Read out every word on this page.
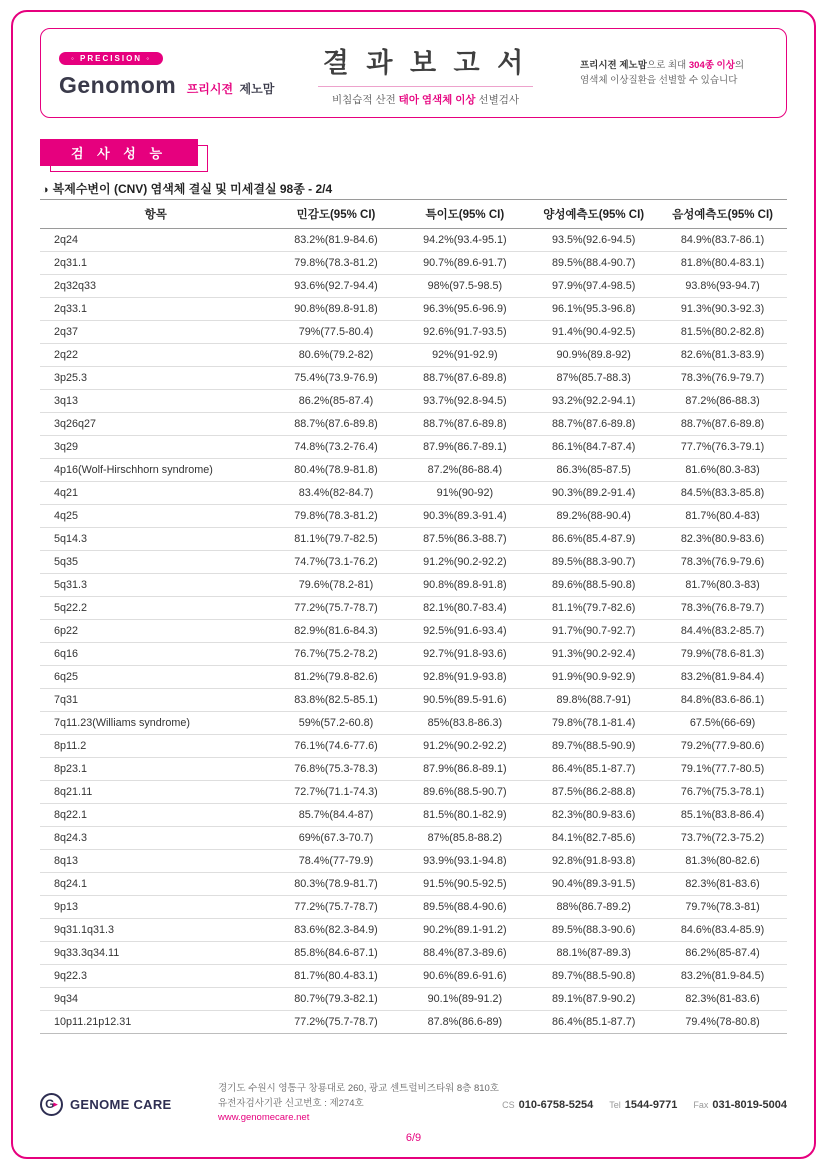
◦ PRECISION ◦
Genomom 프리시젼 제노맘
결 과 보 고 서
비침습적 산전 태아 염색체 이상 선별검사
프리시젼 제노맘으로 최대 304종 이상의
염색체 이상질환을 선별할 수 있습니다
검 사 성 능
◑ 복제수변이 (CNV) 염색체 결실 및 미세결실 98종 - 2/4
항목	민감도(95% CI)	특이도(95% CI)	양성예측도(95% CI)	음성예측도(95% CI)
2q24	83.2%(81.9-84.6)	94.2%(93.4-95.1)	93.5%(92.6-94.5)	84.9%(83.7-86.1)
2q31.1	79.8%(78.3-81.2)	90.7%(89.6-91.7)	89.5%(88.4-90.7)	81.8%(80.4-83.1)
2q32q33	93.6%(92.7-94.4)	98%(97.5-98.5)	97.9%(97.4-98.5)	93.8%(93-94.7)
2q33.1	90.8%(89.8-91.8)	96.3%(95.6-96.9)	96.1%(95.3-96.8)	91.3%(90.3-92.3)
2q37	79%(77.5-80.4)	92.6%(91.7-93.5)	91.4%(90.4-92.5)	81.5%(80.2-82.8)
2q22	80.6%(79.2-82)	92%(91-92.9)	90.9%(89.8-92)	82.6%(81.3-83.9)
3p25.3	75.4%(73.9-76.9)	88.7%(87.6-89.8)	87%(85.7-88.3)	78.3%(76.9-79.7)
3q13	86.2%(85-87.4)	93.7%(92.8-94.5)	93.2%(92.2-94.1)	87.2%(86-88.3)
3q26q27	88.7%(87.6-89.8)	88.7%(87.6-89.8)	88.7%(87.6-89.8)	88.7%(87.6-89.8)
3q29	74.8%(73.2-76.4)	87.9%(86.7-89.1)	86.1%(84.7-87.4)	77.7%(76.3-79.1)
4p16(Wolf-Hirschhorn syndrome)	80.4%(78.9-81.8)	87.2%(86-88.4)	86.3%(85-87.5)	81.6%(80.3-83)
4q21	83.4%(82-84.7)	91%(90-92)	90.3%(89.2-91.4)	84.5%(83.3-85.8)
4q25	79.8%(78.3-81.2)	90.3%(89.3-91.4)	89.2%(88-90.4)	81.7%(80.4-83)
5q14.3	81.1%(79.7-82.5)	87.5%(86.3-88.7)	86.6%(85.4-87.9)	82.3%(80.9-83.6)
5q35	74.7%(73.1-76.2)	91.2%(90.2-92.2)	89.5%(88.3-90.7)	78.3%(76.9-79.6)
5q31.3	79.6%(78.2-81)	90.8%(89.8-91.8)	89.6%(88.5-90.8)	81.7%(80.3-83)
5q22.2	77.2%(75.7-78.7)	82.1%(80.7-83.4)	81.1%(79.7-82.6)	78.3%(76.8-79.7)
6p22	82.9%(81.6-84.3)	92.5%(91.6-93.4)	91.7%(90.7-92.7)	84.4%(83.2-85.7)
6q16	76.7%(75.2-78.2)	92.7%(91.8-93.6)	91.3%(90.2-92.4)	79.9%(78.6-81.3)
6q25	81.2%(79.8-82.6)	92.8%(91.9-93.8)	91.9%(90.9-92.9)	83.2%(81.9-84.4)
7q31	83.8%(82.5-85.1)	90.5%(89.5-91.6)	89.8%(88.7-91)	84.8%(83.6-86.1)
7q11.23(Williams syndrome)	59%(57.2-60.8)	85%(83.8-86.3)	79.8%(78.1-81.4)	67.5%(66-69)
8p11.2	76.1%(74.6-77.6)	91.2%(90.2-92.2)	89.7%(88.5-90.9)	79.2%(77.9-80.6)
8p23.1	76.8%(75.3-78.3)	87.9%(86.8-89.1)	86.4%(85.1-87.7)	79.1%(77.7-80.5)
8q21.11	72.7%(71.1-74.3)	89.6%(88.5-90.7)	87.5%(86.2-88.8)	76.7%(75.3-78.1)
8q22.1	85.7%(84.4-87)	81.5%(80.1-82.9)	82.3%(80.9-83.6)	85.1%(83.8-86.4)
8q24.3	69%(67.3-70.7)	87%(85.8-88.2)	84.1%(82.7-85.6)	73.7%(72.3-75.2)
8q13	78.4%(77-79.9)	93.9%(93.1-94.8)	92.8%(91.8-93.8)	81.3%(80-82.6)
8q24.1	80.3%(78.9-81.7)	91.5%(90.5-92.5)	90.4%(89.3-91.5)	82.3%(81-83.6)
9p13	77.2%(75.7-78.7)	89.5%(88.4-90.6)	88%(86.7-89.2)	79.7%(78.3-81)
9q31.1q31.3	83.6%(82.3-84.9)	90.2%(89.1-91.2)	89.5%(88.3-90.6)	84.6%(83.4-85.9)
9q33.3q34.11	85.8%(84.6-87.1)	88.4%(87.3-89.6)	88.1%(87-89.3)	86.2%(85-87.4)
9q22.3	81.7%(80.4-83.1)	90.6%(89.6-91.6)	89.7%(88.5-90.8)	83.2%(81.9-84.5)
9q34	80.7%(79.3-82.1)	90.1%(89-91.2)	89.1%(87.9-90.2)	82.3%(81-83.6)
10p11.21p12.31	77.2%(75.7-78.7)	87.8%(86.6-89)	86.4%(85.1-87.7)	79.4%(78-80.8)
G ▸ GENOME CARE
경기도 수원시 영통구 창룡대로 260, 광교 센트럴비즈타워 8층 810호
유전자검사기관 신고번호 : 제274호
www.genomecare.net
CS 010-6758-5254 Tel 1544-9771 Fax 031-8019-5004
6/9
